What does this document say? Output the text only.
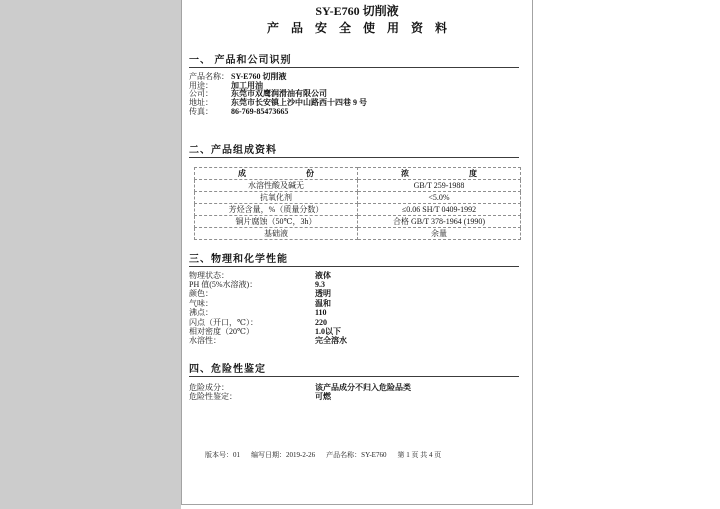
SY-E760 切削液
产品安全使用资料
一、 产品和公司识别
产品名称： SY-E760 切削液
用途：	加工用油
公司：	东莞市双鹰润滑油有限公司
地址：	东莞市长安镇上沙中山路西十四巷 9 号
传真：	86-769-85473665
二、产品组成资料
成 份	浓 度

水溶性酸及碱无	GB/T 259-1988
抗氧化剂	<5.0%
芳烃含量，%（质量分数）	≤0.06 SH/T 0409-1992
铜片腐蚀（50℃，3h）	合格 GB/T 378-1964 (1990)
基础液	余量
三、物理和化学性能
物理状态：	液体
PH 值(5%水溶液)：	9.3
颜色：	透明
气味：	温和
沸点：	110
闪点（开口，℃）：	220
相对密度（20℃）	1.0以下
水溶性：	完全溶水
四、危险性鉴定
危险成分：	该产品成分不归入危险品类
危险性鉴定：	可燃
版本号：01 编写日期：2019-2-26 产品名称：SY-E760 第 1 页 共 4 页
